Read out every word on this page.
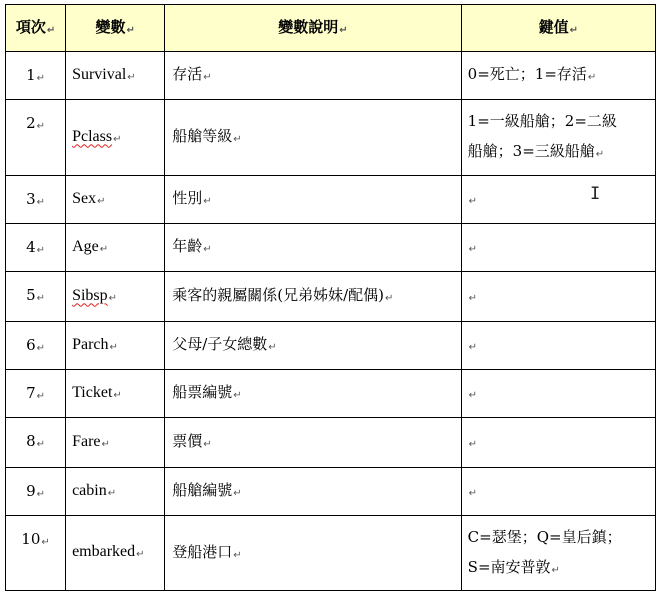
項次↵	變數↵	變數說明↵	鍵值↵
1↵	Survival↵	存活↵	0=死亡；1=存活↵

2↵	Pclass↵	船艙等級↵	1=一級船艙；2=二級
船艙；3=三級船艙↵

3↵	Sex↵	性別↵	↵

4↵	Age↵	年齡↵	↵

5↵	Sibsp↵	乘客的親屬關係(兄弟姊妹/配偶)↵	↵

6↵	Parch↵	父母/子女總數↵	↵

7↵	Ticket↵	船票編號↵	↵

8↵	Fare↵	票價↵	↵

9↵	cabin↵	船艙編號↵	↵

10↵	embarked↵	登船港口↵	C=瑟堡；Q=皇后鎮；
S=南安普敦↵
I
